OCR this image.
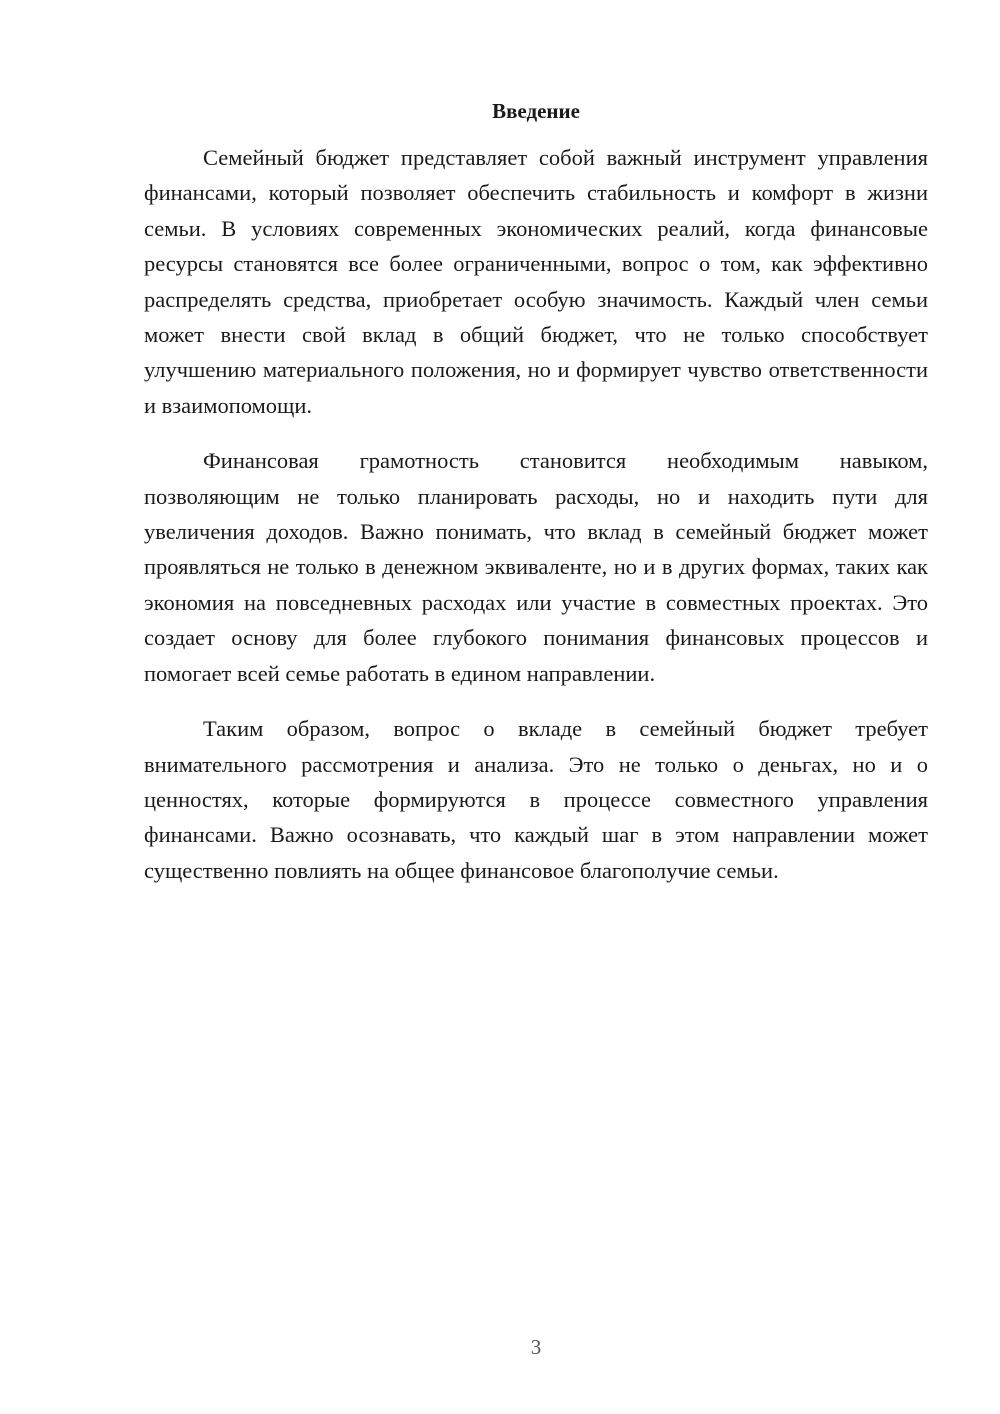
Введение

Семейный бюджет представляет собой важный инструмент управления финансами, который позволяет обеспечить стабильность и комфорт в жизни семьи. В условиях современных экономических реалий, когда финансовые ресурсы становятся все более ограниченными, вопрос о том, как эффективно распределять средства, приобретает особую значимость. Каждый член семьи может внести свой вклад в общий бюджет, что не только способствует улучшению материального положения, но и формирует чувство ответственности и взаимопомощи.

Финансовая грамотность становится необходимым навыком, позволяющим не только планировать расходы, но и находить пути для увеличения доходов. Важно понимать, что вклад в семейный бюджет может проявляться не только в денежном эквиваленте, но и в других формах, таких как экономия на повседневных расходах или участие в совместных проектах. Это создает основу для более глубокого понимания финансовых процессов и помогает всей семье работать в едином направлении.

Таким образом, вопрос о вкладе в семейный бюджет требует внимательного рассмотрения и анализа. Это не только о деньгах, но и о ценностях, которые формируются в процессе совместного управления финансами. Важно осознавать, что каждый шаг в этом направлении может существенно повлиять на общее финансовое благополучие семьи.

3
